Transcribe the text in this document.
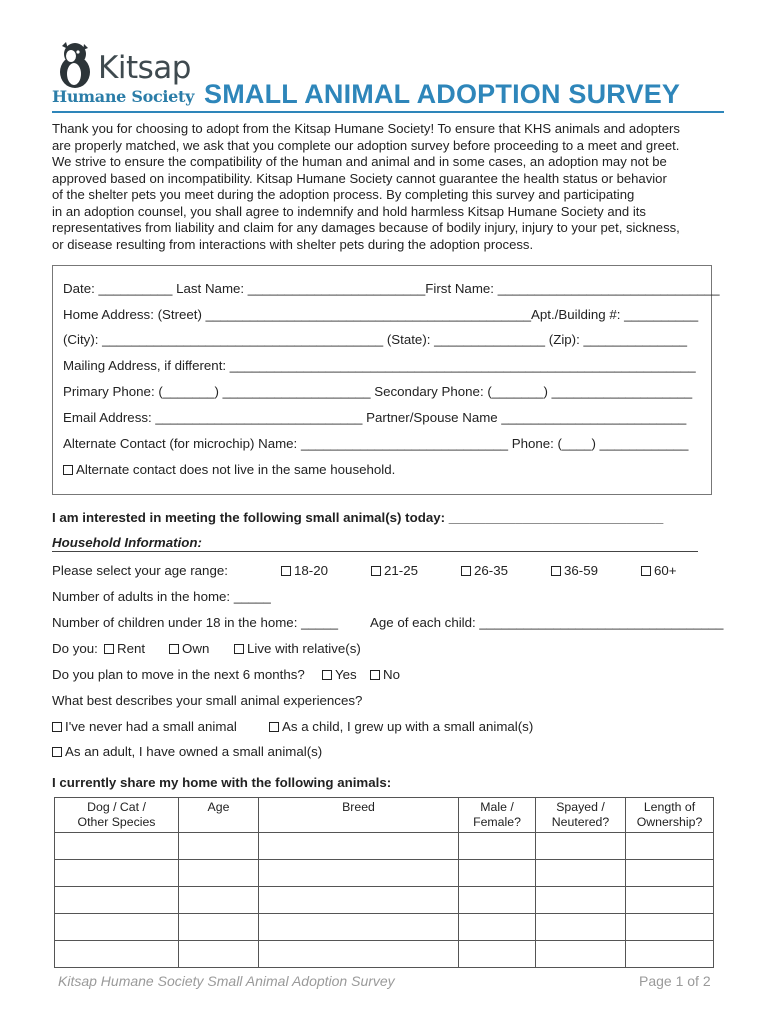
Kitsap
Humane Society SMALL ANIMAL ADOPTION SURVEY
Thank you for choosing to adopt from the Kitsap Humane Society! To ensure that KHS animals and adopters
are properly matched, we ask that you complete our adoption survey before proceeding to a meet and greet.
We strive to ensure the compatibility of the human and animal and in some cases, an adoption may not be
approved based on incompatibility. Kitsap Humane Society cannot guarantee the health status or behavior
of the shelter pets you meet during the adoption process. By completing this survey and participating
in an adoption counsel, you shall agree to indemnify and hold harmless Kitsap Humane Society and its
representatives from liability and claim for any damages because of bodily injury, injury to your pet, sickness,
or disease resulting from interactions with shelter pets during the adoption process.
Date: __________ Last Name: ________________________First Name: ______________________________
Home Address: (Street) ____________________________________________Apt./Building #: __________
(City): ______________________________________ (State): _______________ (Zip): ______________
Mailing Address, if different: _______________________________________________________________
Primary Phone: (_______) ____________________ Secondary Phone: (_______) ___________________
Email Address: ____________________________ Partner/Spouse Name _________________________
Alternate Contact (for microchip) Name: ____________________________ Phone: (____) ____________
Alternate contact does not live in the same household.
I am interested in meeting the following small animal(s) today: _____________________________
Household Information:
Please select your age range:	18-20	21-25	26-35	36-59	60+
Number of adults in the home: _____
Number of children under 18 in the home: _____ Age of each child: _________________________________
Do you:	Rent	Own	Live with relative(s)
Do you plan to move in the next 6 months?	Yes	No
What best describes your small animal experiences?
I've never had a small animal	As a child, I grew up with a small animal(s)
As an adult, I have owned a small animal(s)
I currently share my home with the following animals:
Dog / Cat /
Other Species	Age	Breed	Male /
Female?	Spayed /
Neutered?	Length of
Ownership?

Kitsap Humane Society Small Animal Adoption Survey	Page 1 of 2
